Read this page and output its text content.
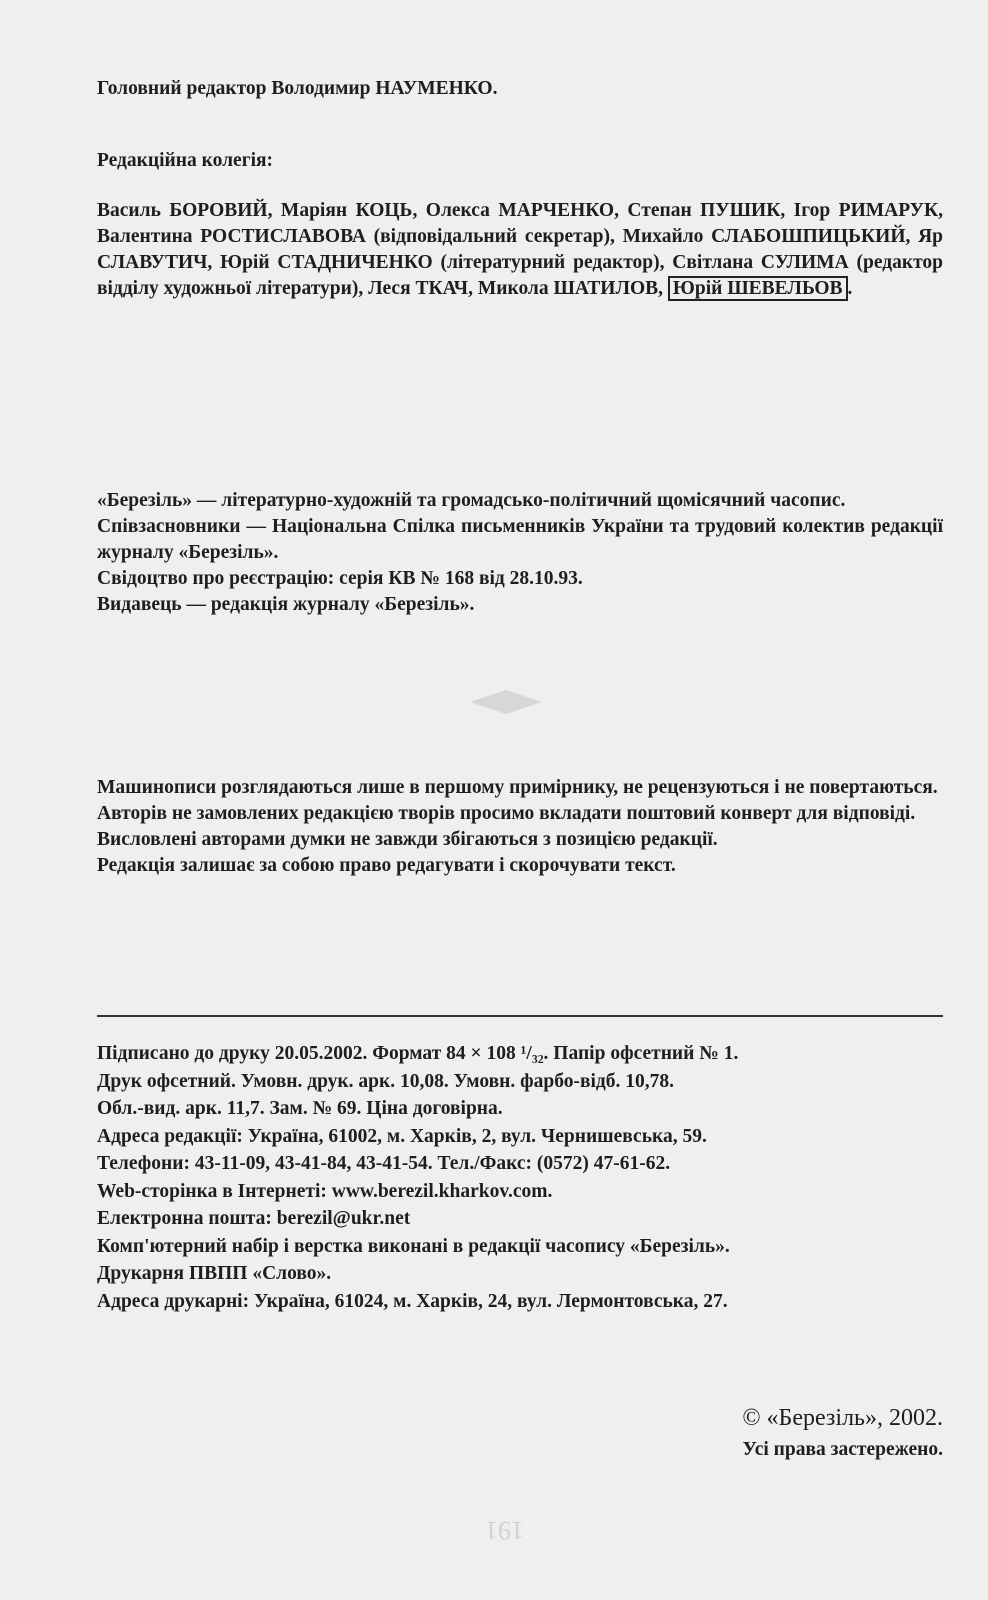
Головний редактор Володимир НАУМЕНКО.

Редакційна колегія:

Василь БОРОВИЙ, Маріян КОЦЬ, Олекса МАРЧЕНКО, Степан ПУШИК, Ігор РИМАРУК, Валентина РОСТИСЛАВОВА (відповідальний секретар), Михайло СЛАБОШПИЦЬКИЙ, Яр СЛАВУТИЧ, Юрій СТАДНИЧЕНКО (літературний редактор), Світлана СУЛИМА (редактор відділу художньої літератури), Леся ТКАЧ, Микола ШАТИЛОВ, Юрій ШЕВЕЛЬОВ .

«Березіль» — літературно-художній та громадсько-політичний щомісячний часопис.
Співзасновники — Національна Спілка письменників України та трудовий колектив редакції журналу «Березіль».
Свідоцтво про реєстрацію: серія КВ № 168 від 28.10.93.
Видавець — редакція журналу «Березіль».
Машинописи розглядаються лише в першому примірнику, не рецензуються і не повертаються.
Авторів не замовлених редакцією творів просимо вкладати поштовий конверт для відповіді.
Висловлені авторами думки не завжди збігаються з позицією редакції.
Редакція залишає за собою право редагувати і скорочувати текст.
Підписано до друку 20.05.2002. Формат 84 × 108 ¹/₃₂. Папір офсетний № 1.
Друк офсетний. Умовн. друк. арк. 10,08. Умовн. фарбо-відб. 10,78.
Обл.-вид. арк. 11,7. Зам. № 69. Ціна договірна.
Адреса редакції: Україна, 61002, м. Харків, 2, вул. Чернишевська, 59.
Телефони: 43-11-09, 43-41-84, 43-41-54. Тел./Факс: (0572) 47-61-62.
Web-сторінка в Інтернеті: www.berezil.kharkov.com.
Електронна пошта: berezil@ukr.net
Комп'ютерний набір і верстка виконані в редакції часопису «Березіль».
Друкарня ПВПП «Слово».
Адреса друкарні: Україна, 61024, м. Харків, 24, вул. Лермонтовська, 27.

© «Березіль», 2002.

Усі права застережено.

191
